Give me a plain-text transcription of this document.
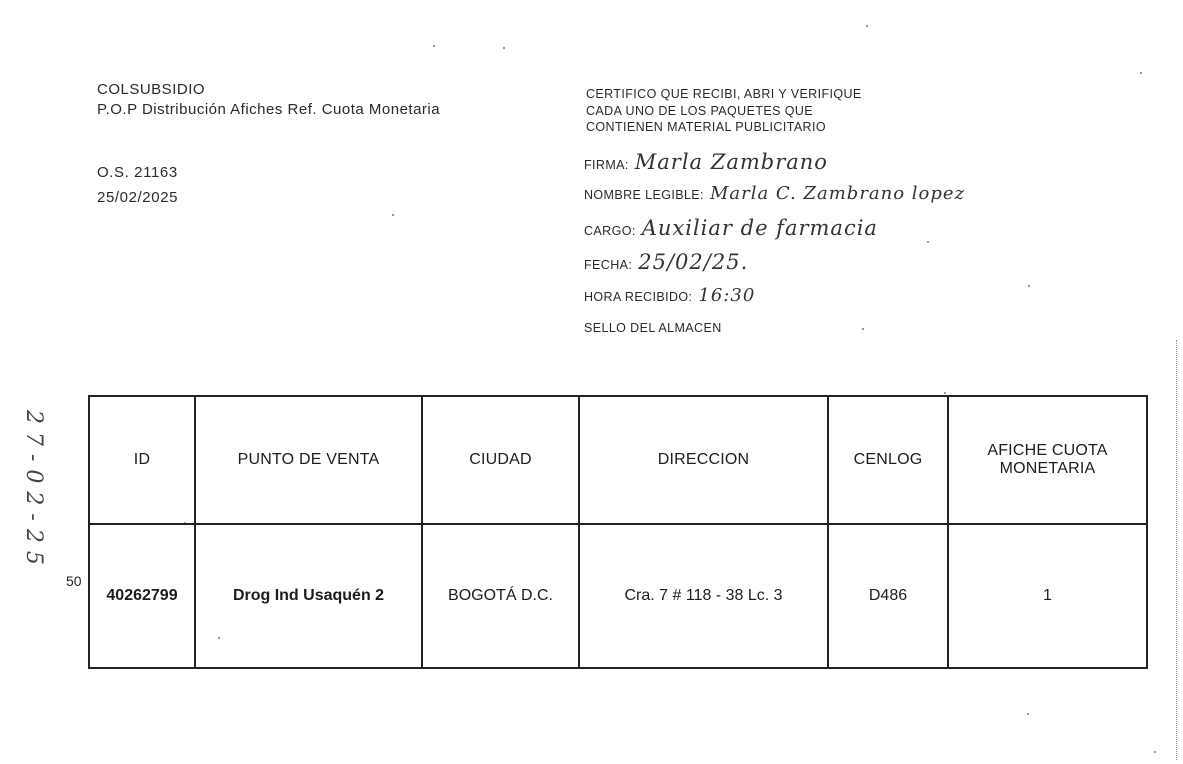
COLSUBSIDIO
P.O.P Distribución Afiches Ref. Cuota Monetaria
O.S. 21163
25/02/2025
CERTIFICO QUE RECIBI, ABRI Y VERIFIQUE
CADA UNO DE LOS PAQUETES QUE
CONTIENEN MATERIAL PUBLICITARIO
FIRMA: Marla Zambrano
NOMBRE LEGIBLE: Marla C. Zambrano lopez
CARGO: Auxiliar de farmacia
FECHA: 25/02/25.
HORA RECIBIDO: 16:30
SELLO DEL ALMACEN
27-02-25
50
ID	PUNTO DE VENTA	CIUDAD	DIRECCION	CENLOG	AFICHE CUOTA MONETARIA
40262799	Drog Ind Usaquén 2	BOGOTÁ D.C.	Cra. 7 # 118 - 38 Lc. 3	D486	1
